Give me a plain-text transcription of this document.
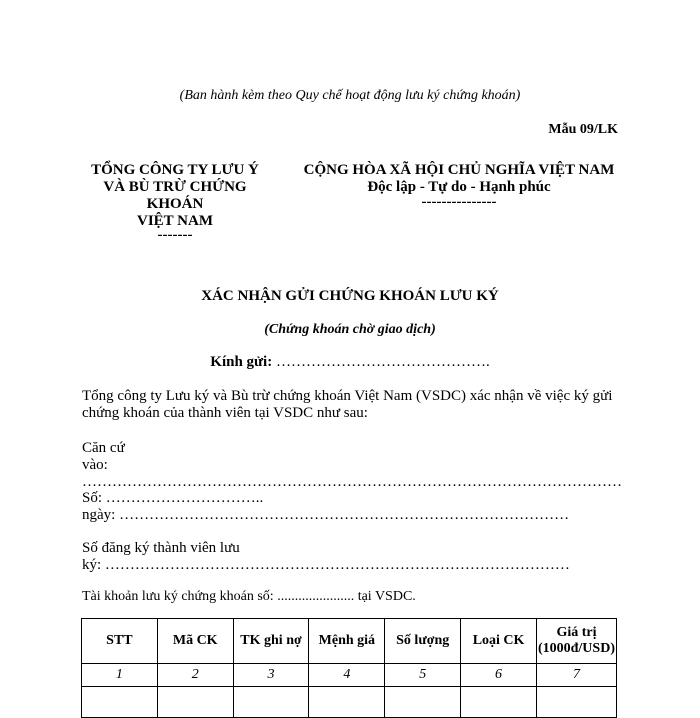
(Ban hành kèm theo Quy chế hoạt động lưu ký chứng khoán)
Mẫu 09/LK
TỔNG CÔNG TY LƯU Ý
VÀ BÙ TRỪ CHỨNG
KHOÁN
VIỆT NAM
-------
CỘNG HÒA XÃ HỘI CHỦ NGHĨA VIỆT NAM
Độc lập - Tự do - Hạnh phúc
---------------
XÁC NHẬN GỬI CHỨNG KHOÁN LƯU KÝ
(Chứng khoán chờ giao dịch)
Kính gửi: …………………………………….
Tổng công ty Lưu ký và Bù trừ chứng khoán Việt Nam (VSDC) xác nhận về việc ký gửi chứng khoán của thành viên tại VSDC như sau:
Căn cứ
vào: ………………………………………………………………………………………………
Số: …………………………..
ngày: ………………………………………………………………………………
Số đăng ký thành viên lưu
ký: …………………………………………………………………………………
Tài khoản lưu ký chứng khoán số: ...................... tại VSDC.
STT	Mã CK	TK ghi nợ	Mệnh giá	Số lượng	Loại CK	Giá trị (1000đ/USD)
1	2	3	4	5	6	7
